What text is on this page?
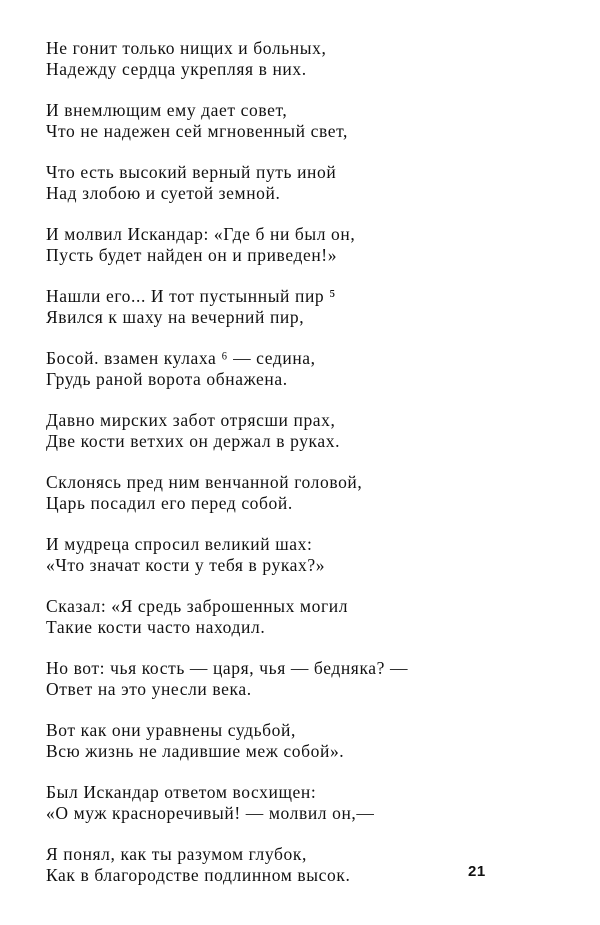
Не гонит только нищих и больных,
Надежду сердца укрепляя в них.
И внемлющим ему дает совет,
Что не надежен сей мгновенный свет,
Что есть высокий верный путь иной
Над злобою и суетой земной.
И молвил Искандар: «Где б ни был он,
Пусть будет найден он и приведен!»
Нашли его... И тот пустынный пир ⁵
Явился к шаху на вечерний пир,
Босой. взамен кулаха ⁶ — седина,
Грудь раной ворота обнажена.
Давно мирских забот отрясши прах,
Две кости ветхих он держал в руках.
Склонясь пред ним венчанной головой,
Царь посадил его перед собой.
И мудреца спросил великий шах:
«Что значат кости у тебя в руках?»
Сказал: «Я средь заброшенных могил
Такие кости часто находил.
Но вот: чья кость — царя, чья — бедняка? —
Ответ на это унесли века.
Вот как они уравнены судьбой,
Всю жизнь не ладившие меж собой».
Был Искандар ответом восхищен:
«О муж красноречивый! — молвил он,—
Я понял, как ты разумом глубок,
Как в благородстве подлинном высок.	21
